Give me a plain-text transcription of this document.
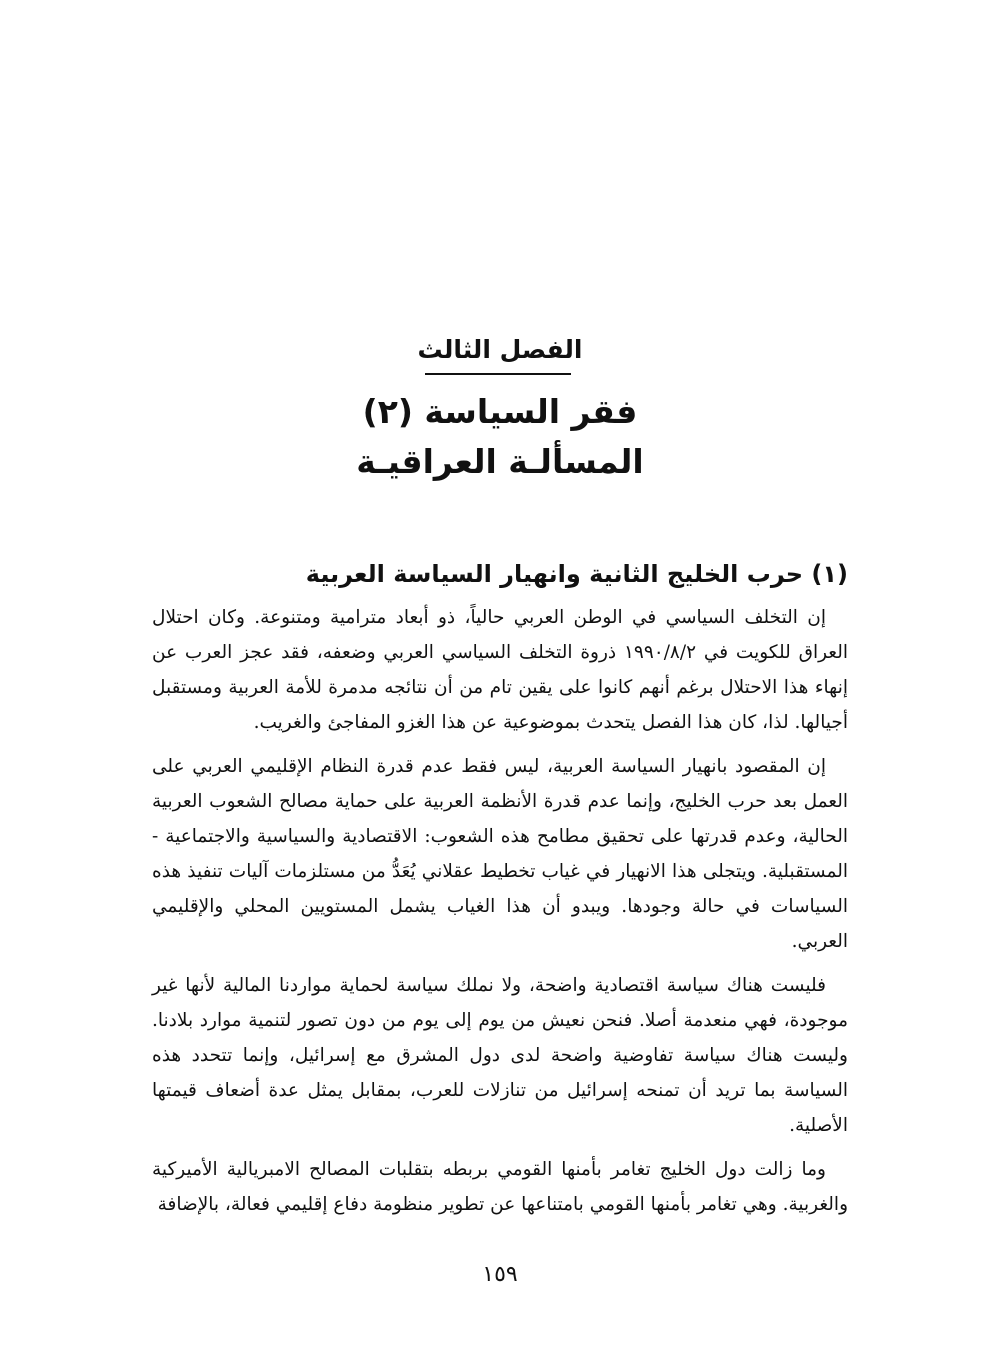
الفصل الثالث
فقر السياسة (٢)
المسألـة العراقيـة
(١) حرب الخليج الثانية وانهيار السياسة العربية

إن التخلف السياسي في الوطن العربي حالياً، ذو أبعاد مترامية ومتنوعة. وكان احتلال العراق للكويت في ١٩٩٠/٨/٢ ذروة التخلف السياسي العربي وضعفه، فقد عجز العرب عن إنهاء هذا الاحتلال برغم أنهم كانوا على يقين تام من أن نتائجه مدمرة للأمة العربية ومستقبل أجيالها. لذا، كان هذا الفصل يتحدث بموضوعية عن هذا الغزو المفاجئ والغريب.

إن المقصود بانهيار السياسة العربية، ليس فقط عدم قدرة النظام الإقليمي العربي على العمل بعد حرب الخليج، وإنما عدم قدرة الأنظمة العربية على حماية مصالح الشعوب العربية الحالية، وعدم قدرتها على تحقيق مطامح هذه الشعوب: الاقتصادية والسياسية والاجتماعية - المستقبلية. ويتجلى هذا الانهيار في غياب تخطيط عقلاني يُعَدُّ من مستلزمات آليات تنفيذ هذه السياسات في حالة وجودها. ويبدو أن هذا الغياب يشمل المستويين المحلي والإقليمي العربي.

فليست هناك سياسة اقتصادية واضحة، ولا نملك سياسة لحماية مواردنا المالية لأنها غير موجودة، فهي منعدمة أصلا. فنحن نعيش من يوم إلى يوم من دون تصور لتنمية موارد بلادنا. وليست هناك سياسة تفاوضية واضحة لدى دول المشرق مع إسرائيل، وإنما تتحدد هذه السياسة بما تريد أن تمنحه إسرائيل من تنازلات للعرب، بمقابل يمثل عدة أضعاف قيمتها الأصلية.

وما زالت دول الخليج تغامر بأمنها القومي بربطه بتقلبات المصالح الامبريالية الأميركية والغربية. وهي تغامر بأمنها القومي بامتناعها عن تطوير منظومة دفاع إقليمي فعالة، بالإضافة

١٥٩
